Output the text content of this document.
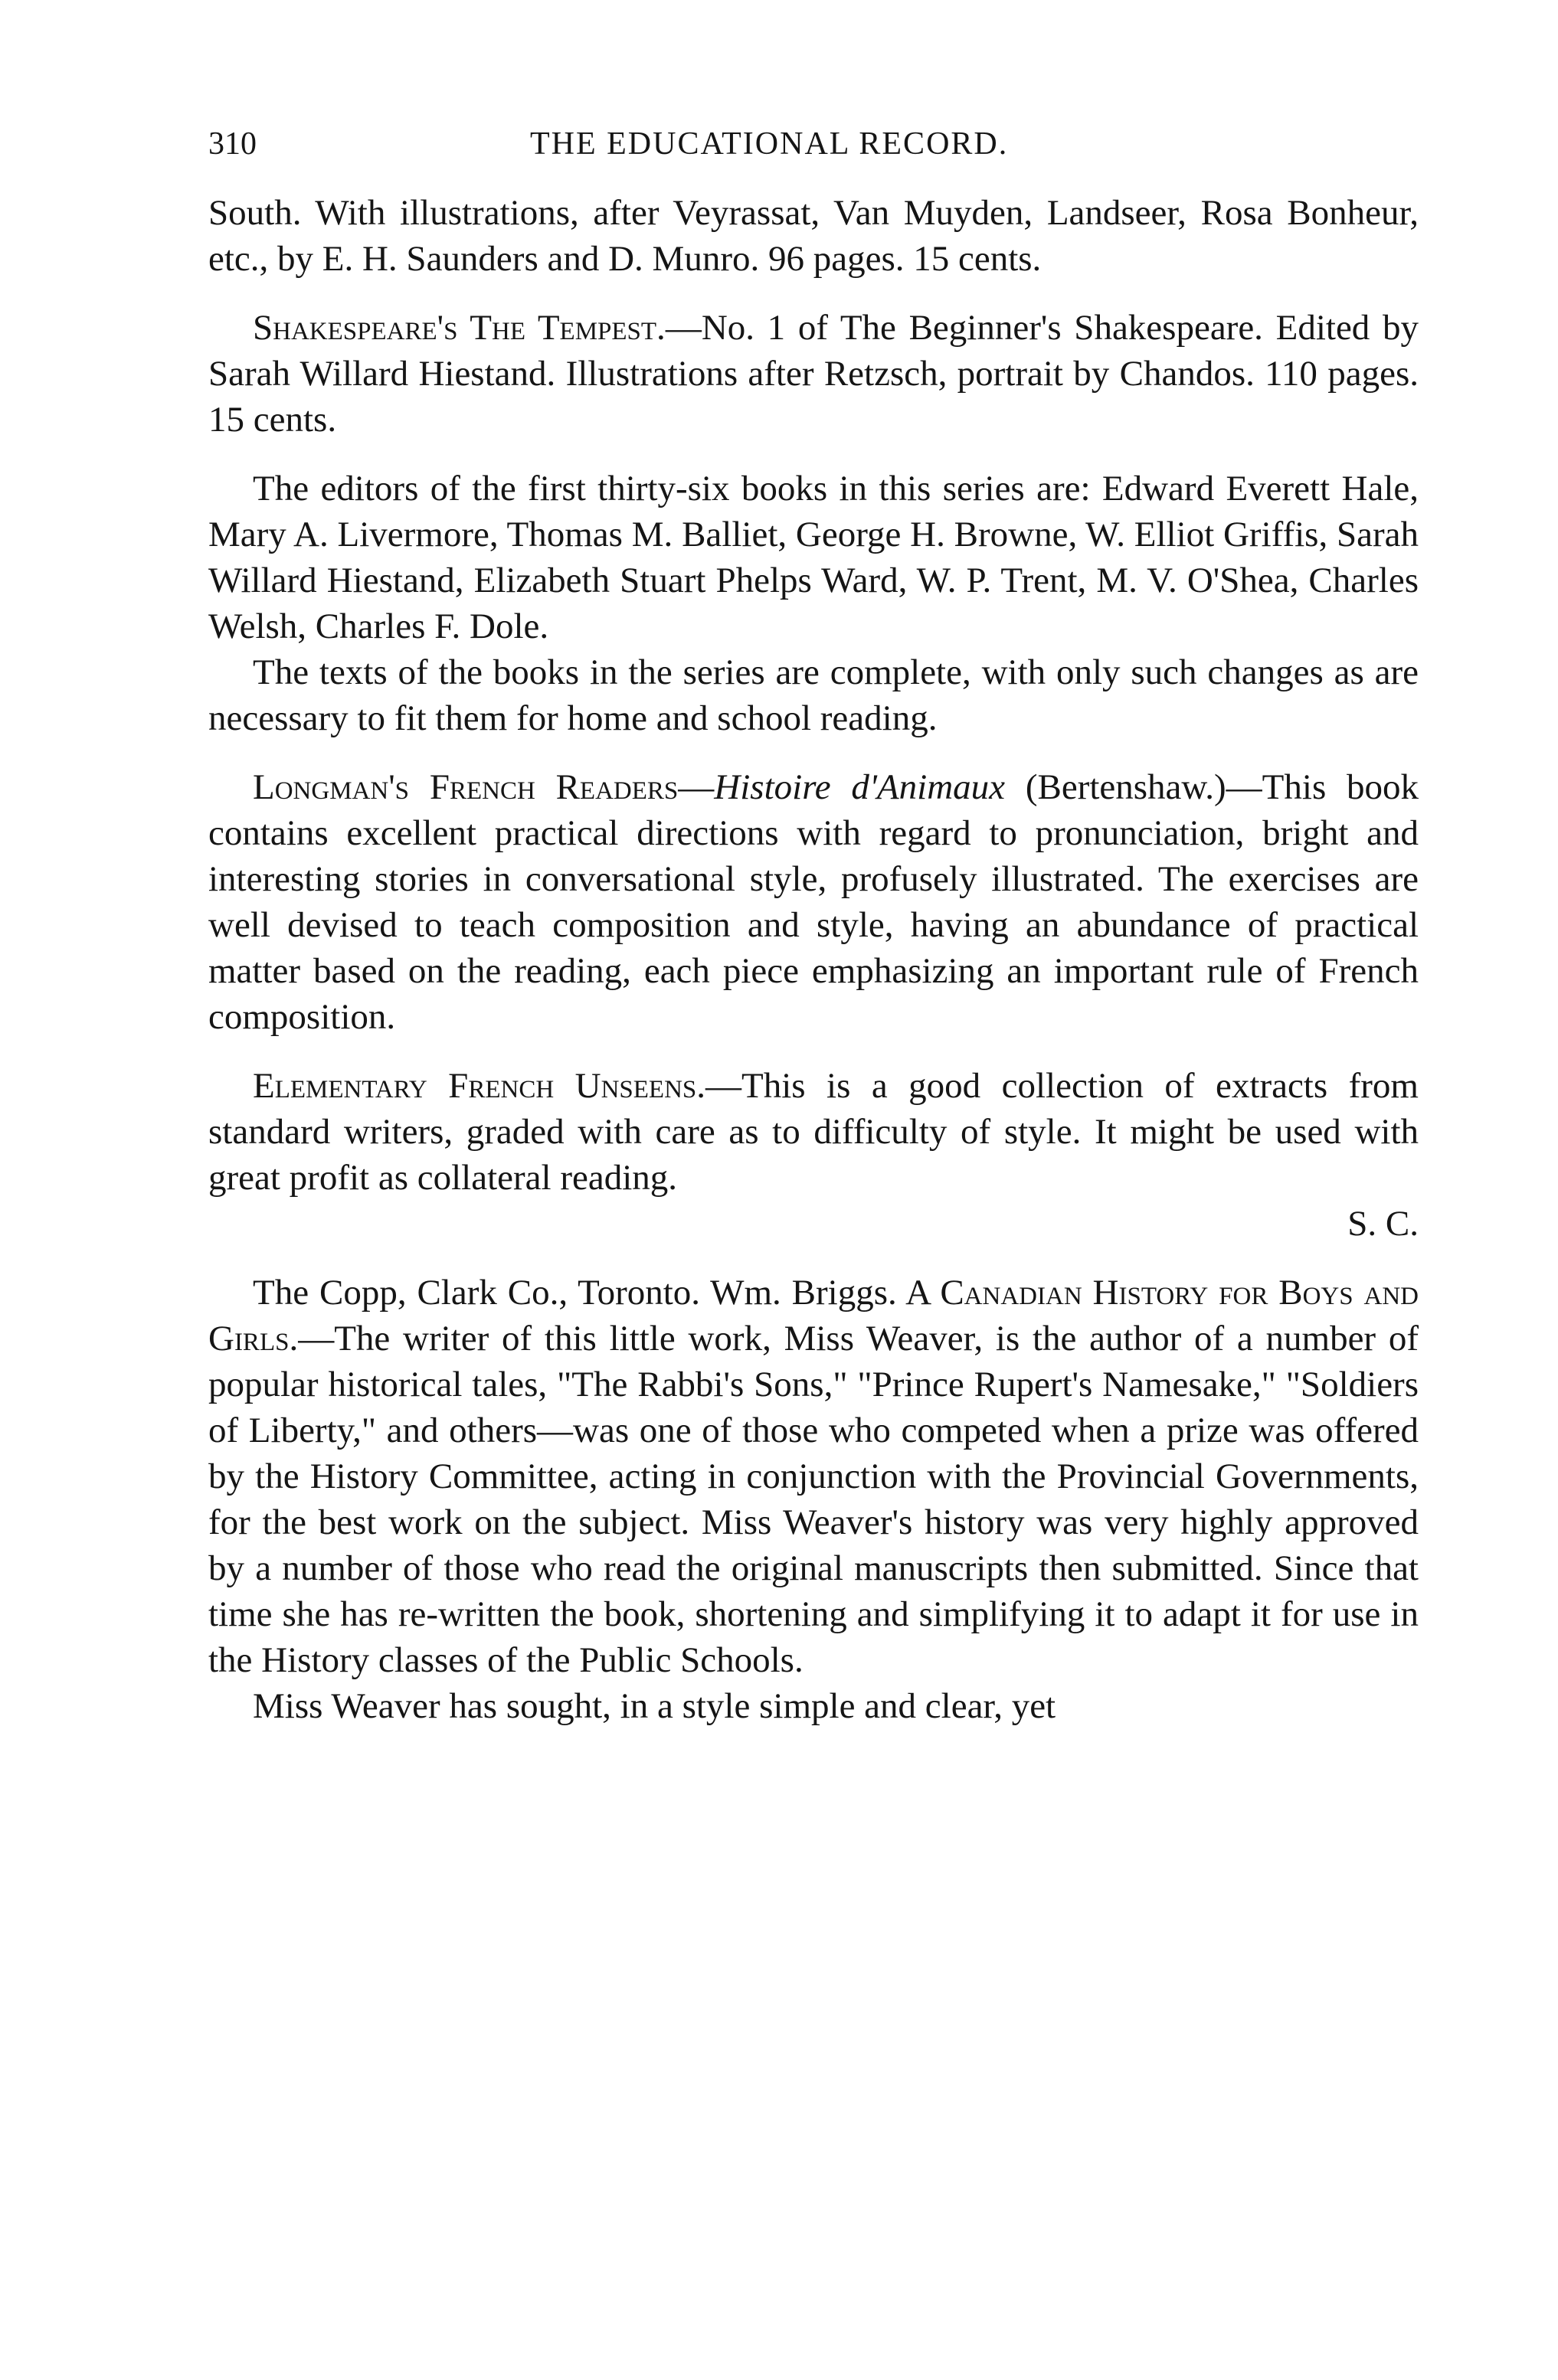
310	THE EDUCATIONAL RECORD.

South. With illustrations, after Veyrassat, Van Muyden, Landseer, Rosa Bonheur, etc., by E. H. Saunders and D. Munro. 96 pages. 15 cents.

Shakespeare's The Tempest.—No. 1 of The Beginner's Shakespeare. Edited by Sarah Willard Hiestand. Illustrations after Retzsch, portrait by Chandos. 110 pages. 15 cents.

The editors of the first thirty-six books in this series are: Edward Everett Hale, Mary A. Livermore, Thomas M. Balliet, George H. Browne, W. Elliot Griffis, Sarah Willard Hiestand, Elizabeth Stuart Phelps Ward, W. P. Trent, M. V. O'Shea, Charles Welsh, Charles F. Dole.

The texts of the books in the series are complete, with only such changes as are necessary to fit them for home and school reading.

Longman's French Readers—Histoire d'Animaux (Bertenshaw.)—This book contains excellent practical directions with regard to pronunciation, bright and interesting stories in conversational style, profusely illustrated. The exercises are well devised to teach composition and style, having an abundance of practical matter based on the reading, each piece emphasizing an important rule of French composition.

Elementary French Unseens.—This is a good collection of extracts from standard writers, graded with care as to difficulty of style. It might be used with great profit as collateral reading.
S. C.

The Copp, Clark Co., Toronto. Wm. Briggs. A Canadian History for Boys and Girls.—The writer of this little work, Miss Weaver, is the author of a number of popular historical tales, "The Rabbi's Sons," "Prince Rupert's Namesake," "Soldiers of Liberty," and others—was one of those who competed when a prize was offered by the History Committee, acting in conjunction with the Provincial Governments, for the best work on the subject. Miss Weaver's history was very highly approved by a number of those who read the original manuscripts then submitted. Since that time she has re-written the book, shortening and simplifying it to adapt it for use in the History classes of the Public Schools.

Miss Weaver has sought, in a style simple and clear, yet
